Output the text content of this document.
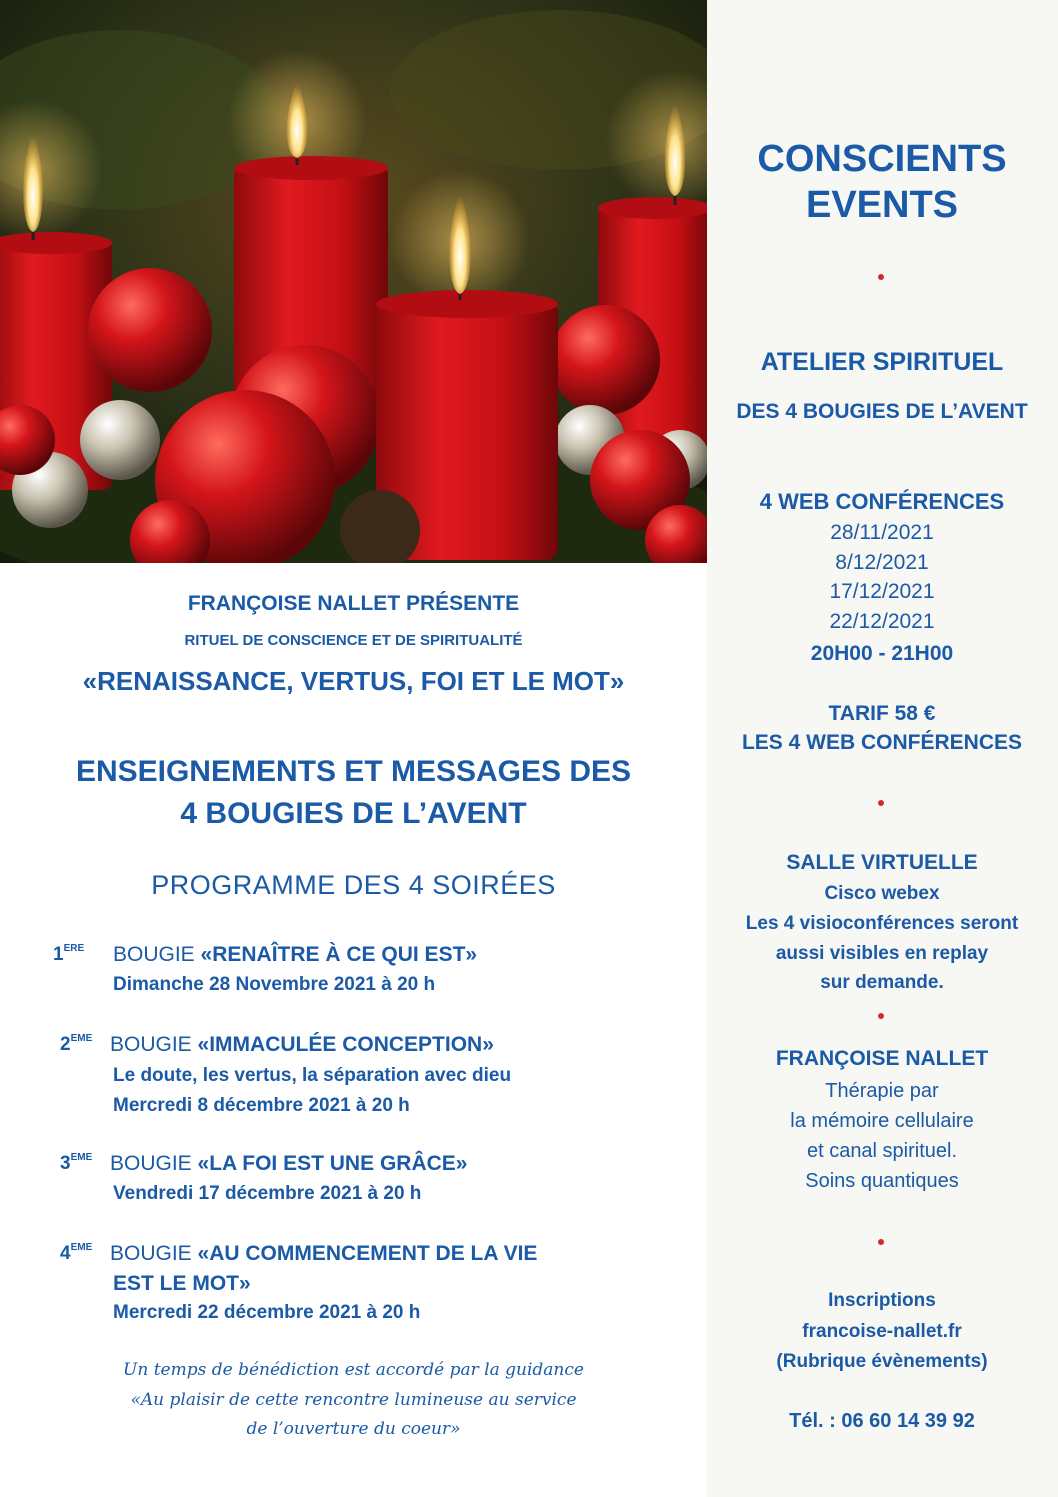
CONSCIENTS
EVENTS
ATELIER SPIRITUEL
DES 4 BOUGIES DE L’AVENT
4 WEB CONFÉRENCES
28/11/2021
8/12/2021
17/12/2021
22/12/2021
20H00 - 21H00
TARIF 58 €
LES 4 WEB CONFÉRENCES
SALLE VIRTUELLE
Cisco webex
Les 4 visioconférences seront
aussi visibles en replay
sur demande.
FRANÇOISE NALLET
Thérapie par
la mémoire cellulaire
et canal spirituel.
Soins quantiques
Inscriptions
francoise-nallet.fr
(Rubrique évènements)
Tél. : 06 60 14 39 92
FRANÇOISE NALLET PRÉSENTE
RITUEL DE CONSCIENCE ET DE SPIRITUALITÉ
«RENAISSANCE, VERTUS, FOI ET LE MOT»
ENSEIGNEMENTS ET MESSAGES DES
4 BOUGIES DE L’AVENT
PROGRAMME DES 4 SOIRÉES
1ERE BOUGIE «RENAÎTRE À CE QUI EST»
Dimanche 28 Novembre 2021 à 20 h
2EME BOUGIE «IMMACULÉE CONCEPTION»
Le doute, les vertus, la séparation avec dieu
Mercredi 8 décembre 2021 à 20 h
3EME BOUGIE «LA FOI EST UNE GRÂCE»
Vendredi 17 décembre 2021 à 20 h
4EME BOUGIE «AU COMMENCEMENT DE LA VIE
EST LE MOT»
Mercredi 22 décembre 2021 à 20 h
Un temps de bénédiction est accordé par la guidance
«Au plaisir de cette rencontre lumineuse au service
de l’ouverture du coeur»
